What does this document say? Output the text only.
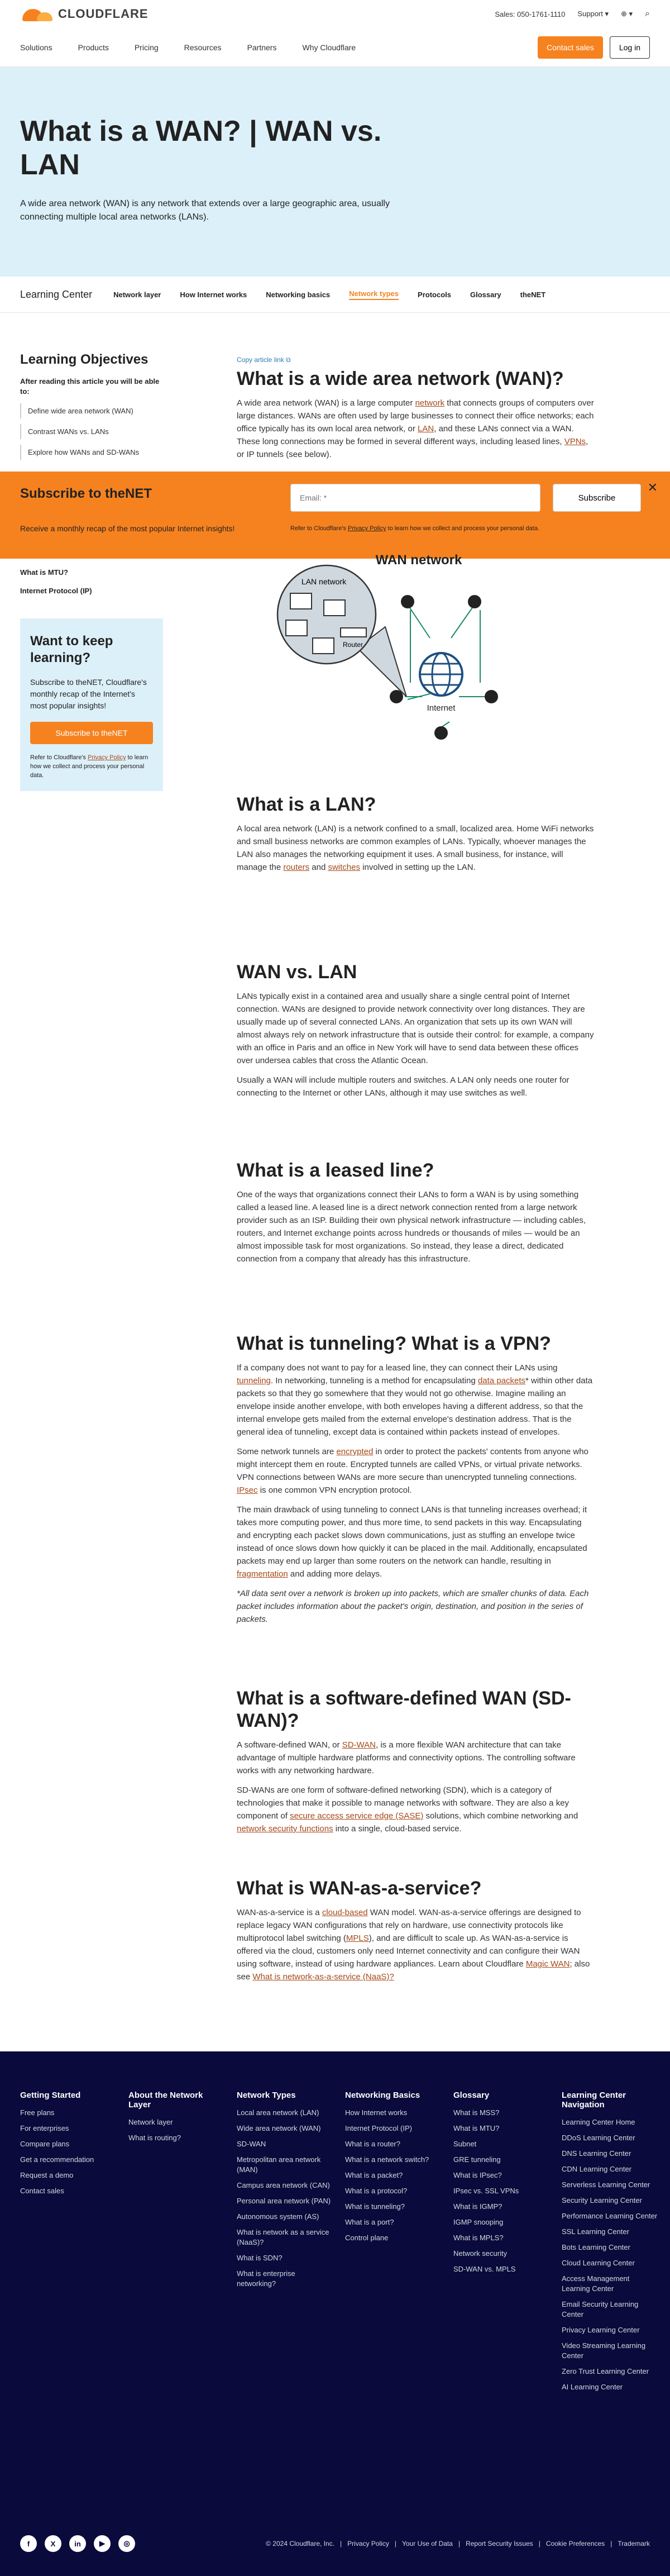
CLOUDFLARE	Sales: 050-1761-1110 Support ▾ ⊕ ▾ ⌕
Solutions	Products	Pricing	Resources	Partners	Why Cloudflare	Contact sales	Log in
What is a WAN? | WAN vs. LAN

A wide area network (WAN) is any network that extends over a large geographic area, usually connecting multiple local area networks (LANs).

Learning Center	Network layer	How Internet works	Networking basics	Network types	Protocols	Glossary	theNET
Learning Objectives
After reading this article you will be able to:
Define wide area network (WAN)
Contrast WANs vs. LANs
Explore how WANs and SD-WANs
What is MTU?
Internet Protocol (IP)
Want to keep learning?

Subscribe to theNET, Cloudflare's monthly recap of the Internet's most popular insights!

Subscribe to theNET
Refer to Cloudflare's Privacy Policy to learn how we collect and process your personal data.
Copy article link ⧉
What is a wide area network (WAN)?

A wide area network (WAN) is a large computer network that connects groups of computers over large distances. WANs are often used by large businesses to connect their office networks; each office typically has its own local area network, or LAN, and these LANs connect via a WAN. These long connections may be formed in several different ways, including leased lines, VPNs, or IP tunnels (see below).

Subscribe to theNET
Receive a monthly recap of the most popular Internet insights!
Email: *
Subscribe
Refer to Cloudflare's Privacy Policy to learn how we collect and process your personal data.
✕
WAN network
LAN network
Router
Internet
What is a LAN?

A local area network (LAN) is a network confined to a small, localized area. Home WiFi networks and small business networks are common examples of LANs. Typically, whoever manages the LAN also manages the networking equipment it uses. A small business, for instance, will manage the routers and switches involved in setting up the LAN.

WAN vs. LAN

LANs typically exist in a contained area and usually share a single central point of Internet connection. WANs are designed to provide network connectivity over long distances. They are usually made up of several connected LANs. An organization that sets up its own WAN will almost always rely on network infrastructure that is outside their control: for example, a company with an office in Paris and an office in New York will have to send data between these offices over undersea cables that cross the Atlantic Ocean.

Usually a WAN will include multiple routers and switches. A LAN only needs one router for connecting to the Internet or other LANs, although it may use switches as well.

What is a leased line?

One of the ways that organizations connect their LANs to form a WAN is by using something called a leased line. A leased line is a direct network connection rented from a large network provider such as an ISP. Building their own physical network infrastructure — including cables, routers, and Internet exchange points across hundreds or thousands of miles — would be an almost impossible task for most organizations. So instead, they lease a direct, dedicated connection from a company that already has this infrastructure.

What is tunneling? What is a VPN?

If a company does not want to pay for a leased line, they can connect their LANs using tunneling. In networking, tunneling is a method for encapsulating data packets* within other data packets so that they go somewhere that they would not go otherwise. Imagine mailing an envelope inside another envelope, with both envelopes having a different address, so that the internal envelope gets mailed from the external envelope's destination address. That is the general idea of tunneling, except data is contained within packets instead of envelopes.

Some network tunnels are encrypted in order to protect the packets' contents from anyone who might intercept them en route. Encrypted tunnels are called VPNs, or virtual private networks. VPN connections between WANs are more secure than unencrypted tunneling connections. IPsec is one common VPN encryption protocol.

The main drawback of using tunneling to connect LANs is that tunneling increases overhead; it takes more computing power, and thus more time, to send packets in this way. Encapsulating and encrypting each packet slows down communications, just as stuffing an envelope twice instead of once slows down how quickly it can be placed in the mail. Additionally, encapsulated packets may end up larger than some routers on the network can handle, resulting in fragmentation and adding more delays.

*All data sent over a network is broken up into packets, which are smaller chunks of data. Each packet includes information about the packet's origin, destination, and position in the series of packets.

What is a software-defined WAN (SD-WAN)?

A software-defined WAN, or SD-WAN, is a more flexible WAN architecture that can take advantage of multiple hardware platforms and connectivity options. The controlling software works with any networking hardware.

SD-WANs are one form of software-defined networking (SDN), which is a category of technologies that make it possible to manage networks with software. They are also a key component of secure access service edge (SASE) solutions, which combine networking and network security functions into a single, cloud-based service.

What is WAN-as-a-service?

WAN-as-a-service is a cloud-based WAN model. WAN-as-a-service offerings are designed to replace legacy WAN configurations that rely on hardware, use connectivity protocols like multiprotocol label switching (MPLS), and are difficult to scale up. As WAN-as-a-service is offered via the cloud, customers only need Internet connectivity and can configure their WAN using software, instead of using hardware appliances. Learn about Cloudflare Magic WAN; also see What is network-as-a-service (NaaS)?

Getting Started
Free plans
For enterprises
Compare plans
Get a recommendation
Request a demo
Contact sales
About the Network Layer
Network layer
What is routing?
Network Types
Local area network (LAN)
Wide area network (WAN)
SD-WAN
Metropolitan area network (MAN)
Campus area network (CAN)
Personal area network (PAN)
Autonomous system (AS)
What is network as a service (NaaS)?
What is SDN?
What is enterprise networking?
Networking Basics
How Internet works
Internet Protocol (IP)
What is a router?
What is a network switch?
What is a packet?
What is a protocol?
What is tunneling?
What is a port?
Control plane
Glossary
What is MSS?
What is MTU?
Subnet
GRE tunneling
What is IPsec?
IPsec vs. SSL VPNs
What is IGMP?
IGMP snooping
What is MPLS?
Network security
SD-WAN vs. MPLS
Learning Center Navigation
Learning Center Home
DDoS Learning Center
DNS Learning Center
CDN Learning Center
Serverless Learning Center
Security Learning Center
Performance Learning Center
SSL Learning Center
Bots Learning Center
Cloud Learning Center
Access Management Learning Center
Email Security Learning Center
Privacy Learning Center
Video Streaming Learning Center
Zero Trust Learning Center
AI Learning Center
f	X	in	▶	◎	© 2024 Cloudflare, Inc. | Privacy Policy | Your Use of Data | Report Security Issues | Cookie Preferences | Trademark
